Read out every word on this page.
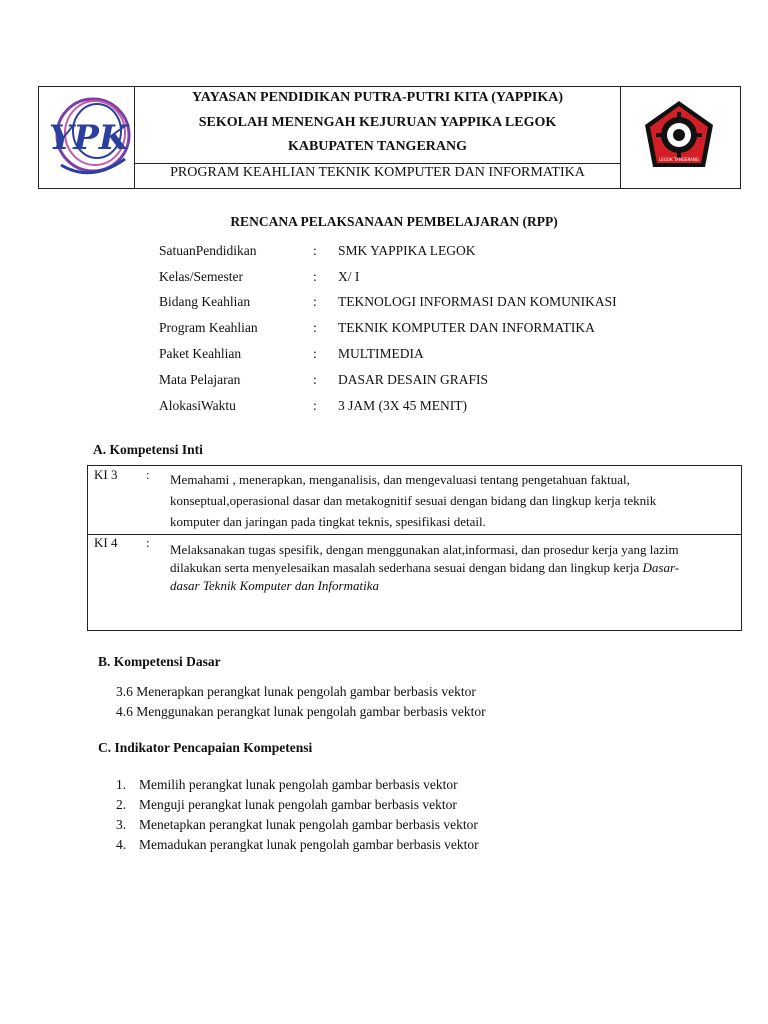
YPK
YAYASAN PENDIDIKAN PUTRA-PUTRI KITA (YAPPIKA)
SEKOLAH MENENGAH KEJURUAN YAPPIKA LEGOK
KABUPATEN TANGERANG
PROGRAM KEAHLIAN TEKNIK KOMPUTER DAN INFORMATIKA
LEGOK TANGERANG
RENCANA PELAKSANAAN PEMBELAJARAN (RPP)
SatuanPendidikan	: SMK YAPPIKA LEGOK
Kelas/Semester	: X/ I
Bidang Keahlian	: TEKNOLOGI INFORMASI DAN KOMUNIKASI
Program Keahlian	: TEKNIK KOMPUTER DAN INFORMATIKA
Paket Keahlian	: MULTIMEDIA
Mata Pelajaran	: DASAR DESAIN GRAFIS
AlokasiWaktu	: 3 JAM (3X 45 MENIT)
A. Kompetensi Inti
KI 3 : Memahami , menerapkan, menganalisis, dan mengevaluasi tentang pengetahuan faktual,
konseptual,operasional dasar dan metakognitif sesuai dengan bidang dan lingkup kerja teknik
komputer dan jaringan pada tingkat teknis, spesifikasi detail.
KI 4 : Melaksanakan tugas spesifik, dengan menggunakan alat,informasi, dan prosedur kerja yang lazim
dilakukan serta menyelesaikan masalah sederhana sesuai dengan bidang dan lingkup kerja Dasar-
dasar Teknik Komputer dan Informatika
B. Kompetensi Dasar
3.6 Menerapkan perangkat lunak pengolah gambar berbasis vektor
4.6 Menggunakan perangkat lunak pengolah gambar berbasis vektor
C. Indikator Pencapaian Kompetensi
1. Memilih perangkat lunak pengolah gambar berbasis vektor
2. Menguji perangkat lunak pengolah gambar berbasis vektor
3. Menetapkan perangkat lunak pengolah gambar berbasis vektor
4. Memadukan perangkat lunak pengolah gambar berbasis vektor
